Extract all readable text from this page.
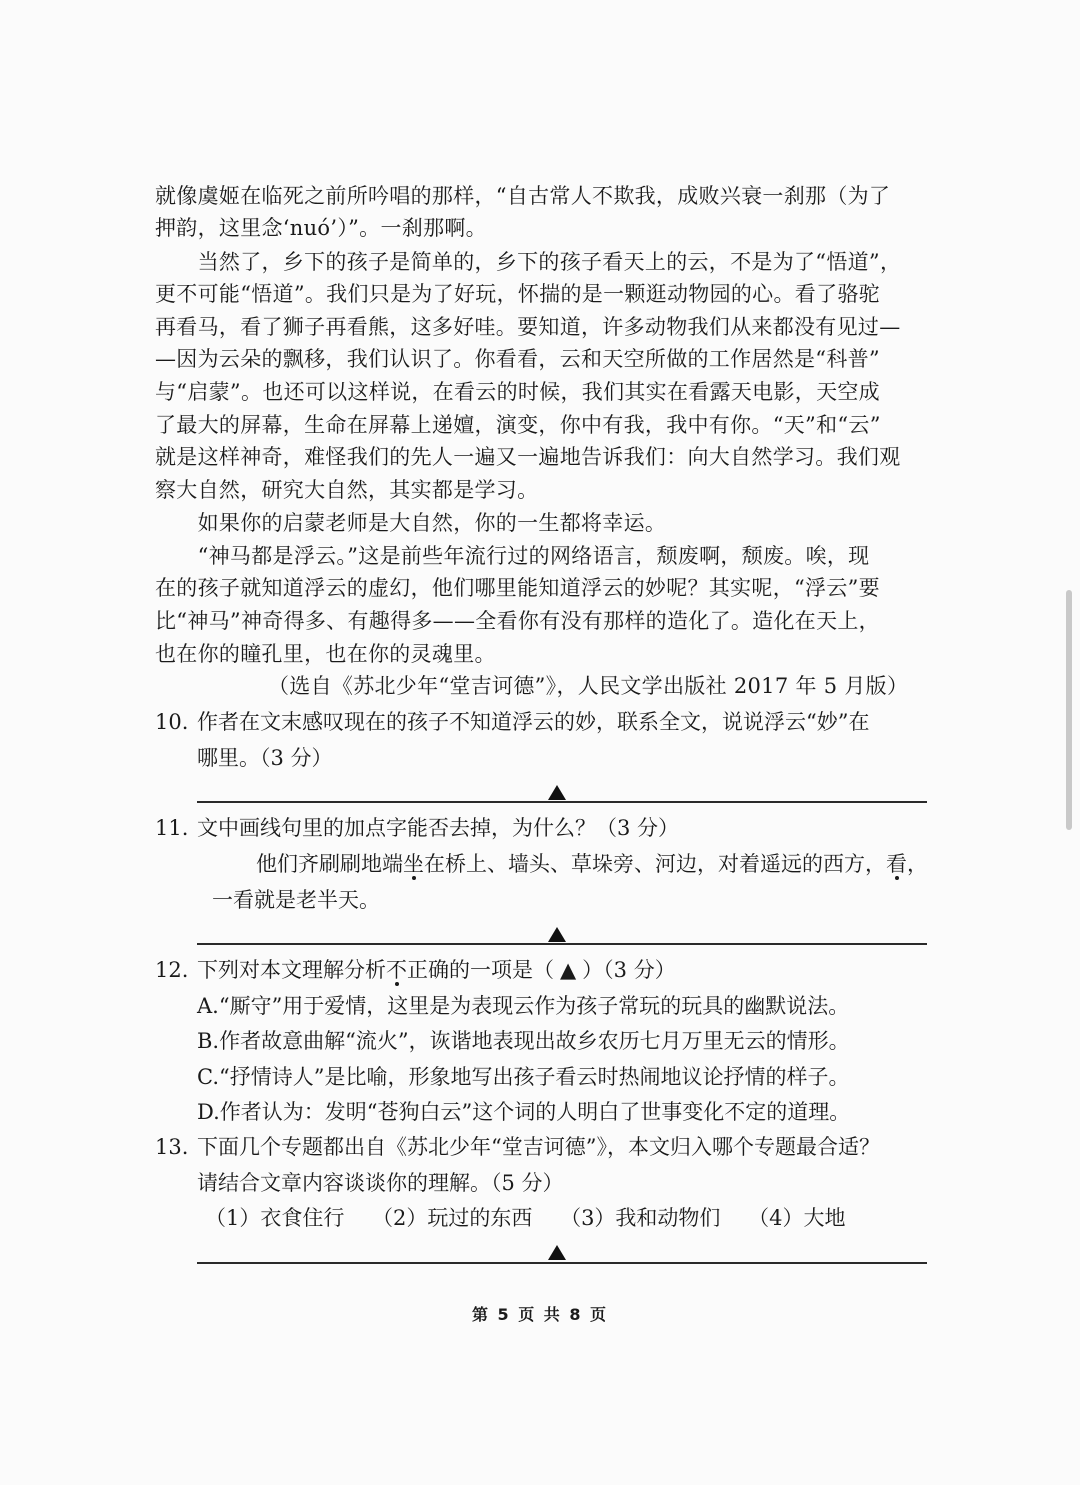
就像虞姬在临死之前所吟唱的那样，“自古常人不欺我，成败兴衰一刹那（为了
押韵，这里念‘nuó’）”。一刹那啊。
　　当然了，乡下的孩子是简单的，乡下的孩子看天上的云，不是为了“悟道”，
更不可能“悟道”。我们只是为了好玩，怀揣的是一颗逛动物园的心。看了骆驼
再看马，看了狮子再看熊，这多好哇。要知道，许多动物我们从来都没有见过—
—因为云朵的飘移，我们认识了。你看看，云和天空所做的工作居然是“科普”
与“启蒙”。也还可以这样说，在看云的时候，我们其实在看露天电影，天空成
了最大的屏幕，生命在屏幕上递嬗，演变，你中有我，我中有你。“天”和“云”
就是这样神奇，难怪我们的先人一遍又一遍地告诉我们：向大自然学习。我们观
察大自然，研究大自然，其实都是学习。
　　如果你的启蒙老师是大自然，你的一生都将幸运。
　　“神马都是浮云。”这是前些年流行过的网络语言，颓废啊，颓废。唉，现
在的孩子就知道浮云的虚幻，他们哪里能知道浮云的妙呢？其实呢，“浮云”要
比“神马”神奇得多、有趣得多——全看你有没有那样的造化了。造化在天上，
也在你的瞳孔里，也在你的灵魂里。
（选自《苏北少年“堂吉诃德”》，人民文学出版社 2017 年 5 月版）
10. 作者在文末感叹现在的孩子不知道浮云的妙，联系全文，说说浮云“妙”在
哪里。（3 分）
11. 文中画线句里的加点字能否去掉，为什么？（3 分）
他们齐刷刷地端坐在桥上、墙头、草垛旁、河边，对着遥远的西方，看，
一看就是老半天。
12. 下列对本文理解分析不正确的一项是（ ▲ ）（3 分）
A.“厮守”用于爱情，这里是为表现云作为孩子常玩的玩具的幽默说法。
B.作者故意曲解“流火”，诙谐地表现出故乡农历七月万里无云的情形。
C.“抒情诗人”是比喻，形象地写出孩子看云时热闹地议论抒情的样子。
D.作者认为：发明“苍狗白云”这个词的人明白了世事变化不定的道理。
13. 下面几个专题都出自《苏北少年“堂吉诃德”》，本文归入哪个专题最合适？
请结合文章内容谈谈你的理解。（5 分）
（1）衣食住行　 （2）玩过的东西　 （3）我和动物们　 （4）大地
第 5 页 共 8 页
